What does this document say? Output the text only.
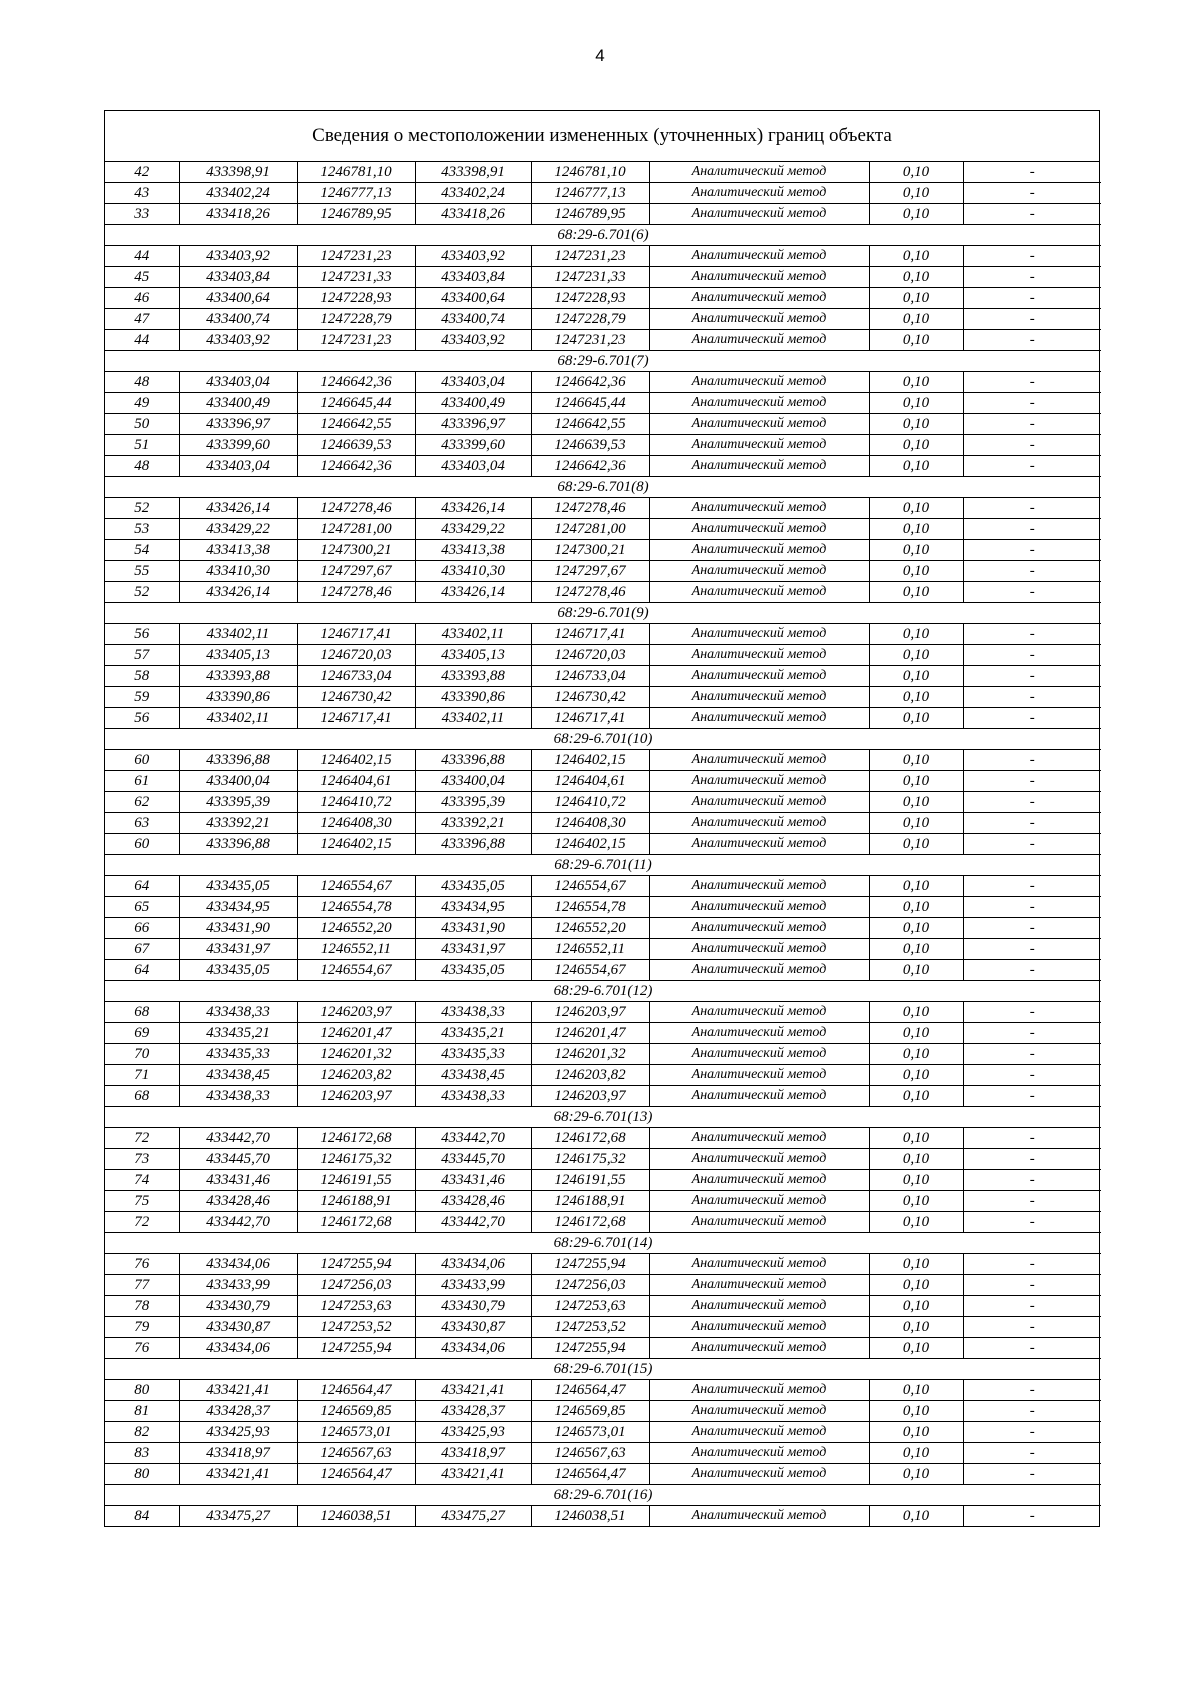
4
Сведения о местоположении измененных (уточненных) границ объекта
42	433398,91	1246781,10	433398,91	1246781,10	Аналитический метод	0,10	-
43	433402,24	1246777,13	433402,24	1246777,13	Аналитический метод	0,10	-
33	433418,26	1246789,95	433418,26	1246789,95	Аналитический метод	0,10	-
68:29-6.701(6)							
44	433403,92	1247231,23	433403,92	1247231,23	Аналитический метод	0,10	-
45	433403,84	1247231,33	433403,84	1247231,33	Аналитический метод	0,10	-
46	433400,64	1247228,93	433400,64	1247228,93	Аналитический метод	0,10	-
47	433400,74	1247228,79	433400,74	1247228,79	Аналитический метод	0,10	-
44	433403,92	1247231,23	433403,92	1247231,23	Аналитический метод	0,10	-
68:29-6.701(7)							
48	433403,04	1246642,36	433403,04	1246642,36	Аналитический метод	0,10	-
49	433400,49	1246645,44	433400,49	1246645,44	Аналитический метод	0,10	-
50	433396,97	1246642,55	433396,97	1246642,55	Аналитический метод	0,10	-
51	433399,60	1246639,53	433399,60	1246639,53	Аналитический метод	0,10	-
48	433403,04	1246642,36	433403,04	1246642,36	Аналитический метод	0,10	-
68:29-6.701(8)							
52	433426,14	1247278,46	433426,14	1247278,46	Аналитический метод	0,10	-
53	433429,22	1247281,00	433429,22	1247281,00	Аналитический метод	0,10	-
54	433413,38	1247300,21	433413,38	1247300,21	Аналитический метод	0,10	-
55	433410,30	1247297,67	433410,30	1247297,67	Аналитический метод	0,10	-
52	433426,14	1247278,46	433426,14	1247278,46	Аналитический метод	0,10	-
68:29-6.701(9)							
56	433402,11	1246717,41	433402,11	1246717,41	Аналитический метод	0,10	-
57	433405,13	1246720,03	433405,13	1246720,03	Аналитический метод	0,10	-
58	433393,88	1246733,04	433393,88	1246733,04	Аналитический метод	0,10	-
59	433390,86	1246730,42	433390,86	1246730,42	Аналитический метод	0,10	-
56	433402,11	1246717,41	433402,11	1246717,41	Аналитический метод	0,10	-
68:29-6.701(10)							
60	433396,88	1246402,15	433396,88	1246402,15	Аналитический метод	0,10	-
61	433400,04	1246404,61	433400,04	1246404,61	Аналитический метод	0,10	-
62	433395,39	1246410,72	433395,39	1246410,72	Аналитический метод	0,10	-
63	433392,21	1246408,30	433392,21	1246408,30	Аналитический метод	0,10	-
60	433396,88	1246402,15	433396,88	1246402,15	Аналитический метод	0,10	-
68:29-6.701(11)							
64	433435,05	1246554,67	433435,05	1246554,67	Аналитический метод	0,10	-
65	433434,95	1246554,78	433434,95	1246554,78	Аналитический метод	0,10	-
66	433431,90	1246552,20	433431,90	1246552,20	Аналитический метод	0,10	-
67	433431,97	1246552,11	433431,97	1246552,11	Аналитический метод	0,10	-
64	433435,05	1246554,67	433435,05	1246554,67	Аналитический метод	0,10	-
68:29-6.701(12)							
68	433438,33	1246203,97	433438,33	1246203,97	Аналитический метод	0,10	-
69	433435,21	1246201,47	433435,21	1246201,47	Аналитический метод	0,10	-
70	433435,33	1246201,32	433435,33	1246201,32	Аналитический метод	0,10	-
71	433438,45	1246203,82	433438,45	1246203,82	Аналитический метод	0,10	-
68	433438,33	1246203,97	433438,33	1246203,97	Аналитический метод	0,10	-
68:29-6.701(13)							
72	433442,70	1246172,68	433442,70	1246172,68	Аналитический метод	0,10	-
73	433445,70	1246175,32	433445,70	1246175,32	Аналитический метод	0,10	-
74	433431,46	1246191,55	433431,46	1246191,55	Аналитический метод	0,10	-
75	433428,46	1246188,91	433428,46	1246188,91	Аналитический метод	0,10	-
72	433442,70	1246172,68	433442,70	1246172,68	Аналитический метод	0,10	-
68:29-6.701(14)							
76	433434,06	1247255,94	433434,06	1247255,94	Аналитический метод	0,10	-
77	433433,99	1247256,03	433433,99	1247256,03	Аналитический метод	0,10	-
78	433430,79	1247253,63	433430,79	1247253,63	Аналитический метод	0,10	-
79	433430,87	1247253,52	433430,87	1247253,52	Аналитический метод	0,10	-
76	433434,06	1247255,94	433434,06	1247255,94	Аналитический метод	0,10	-
68:29-6.701(15)							
80	433421,41	1246564,47	433421,41	1246564,47	Аналитический метод	0,10	-
81	433428,37	1246569,85	433428,37	1246569,85	Аналитический метод	0,10	-
82	433425,93	1246573,01	433425,93	1246573,01	Аналитический метод	0,10	-
83	433418,97	1246567,63	433418,97	1246567,63	Аналитический метод	0,10	-
80	433421,41	1246564,47	433421,41	1246564,47	Аналитический метод	0,10	-
68:29-6.701(16)							
84	433475,27	1246038,51	433475,27	1246038,51	Аналитический метод	0,10	-
